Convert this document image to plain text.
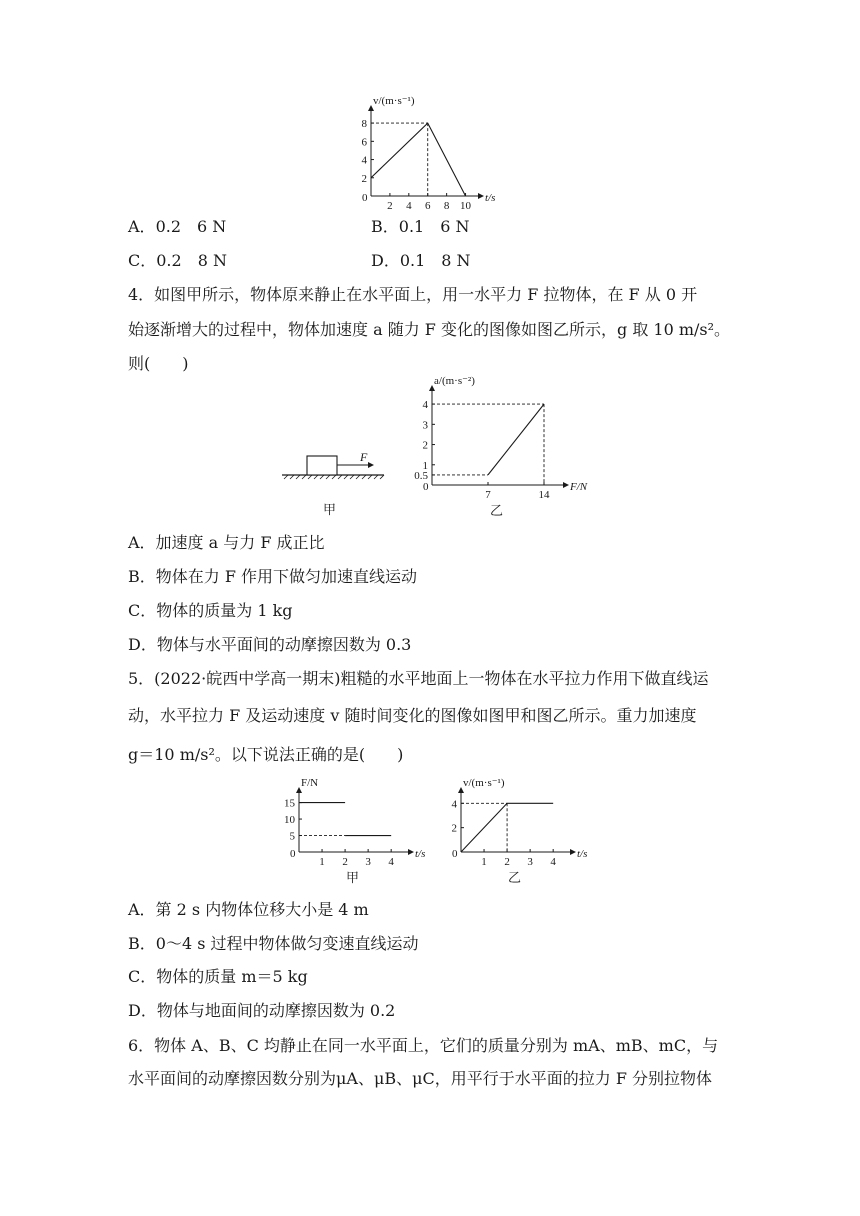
t/s
v/(m·s⁻¹)
0
2 4 6 8 10
2
4
6
8
A．0.2　6 N	B．0.1　6 N
C．0.2　8 N	D．0.1　8 N
4．如图甲所示，物体原来静止在水平面上，用一水平力 F 拉物体，在 F 从 0 开
始逐渐增大的过程中，物体加速度 a 随力 F 变化的图像如图乙所示，g 取 10 m/s²。
则(　　)
F
甲
F/N
a/(m·s⁻²)
0
7	14
0.5
1
2
3
4
乙
A．加速度 a 与力 F 成正比
B．物体在力 F 作用下做匀加速直线运动
C．物体的质量为 1 kg
D．物体与水平面间的动摩擦因数为 0.3
5．(2022·皖西中学高一期末)粗糙的水平地面上一物体在水平拉力作用下做直线运
动，水平拉力 F 及运动速度 v 随时间变化的图像如图甲和图乙所示。重力加速度
g＝10 m/s²。以下说法正确的是(　　)
t/s
F/N
0
1 2 3 4
5
10
15
甲
t/s
v/(m·s⁻¹)
0
1 2 3 4
2
4
乙
A．第 2 s 内物体位移大小是 4 m
B．0～4 s 过程中物体做匀变速直线运动
C．物体的质量 m＝5 kg
D．物体与地面间的动摩擦因数为 0.2
6．物体 A、B、C 均静止在同一水平面上，它们的质量分别为 mA、mB、mC，与
水平面间的动摩擦因数分别为μA、μB、μC，用平行于水平面的拉力 F 分别拉物体
